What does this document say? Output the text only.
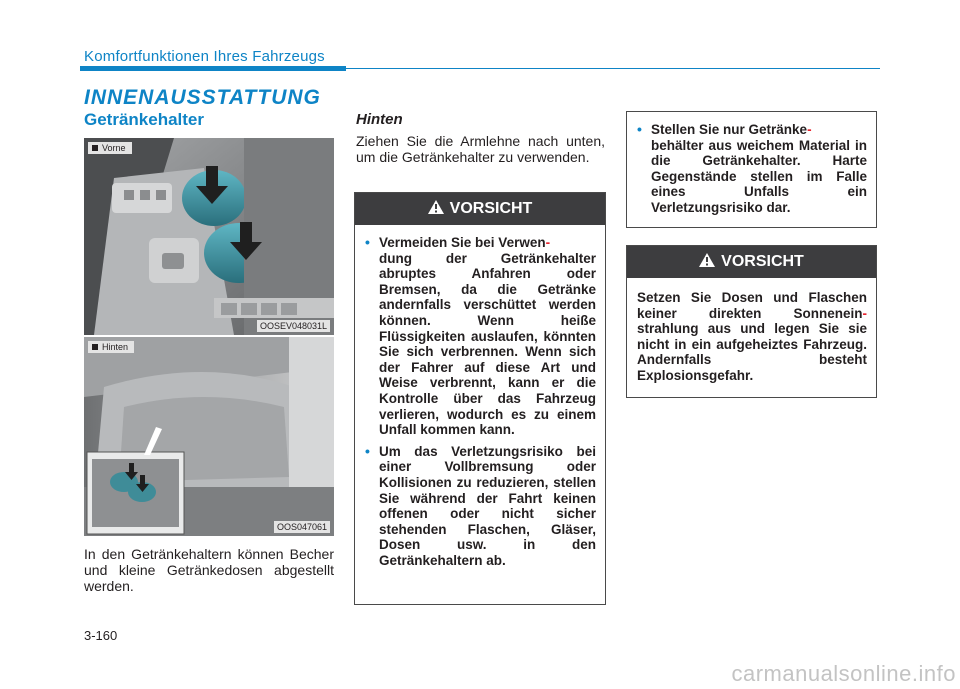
Komfortfunktionen Ihres Fahrzeugs
INNENAUSSTATTUNG
Getränkehalter
Vorne
OOSEV048031L
Hinten
OOS047061
In den Getränkehaltern können Becher und kleine Getränkedosen abgestellt werden.
Hinten
Ziehen Sie die Armlehne nach unten, um die Getränkehalter zu verwenden.
VORSICHT
• Vermeiden Sie bei Verwen-
dung der Getränkehalter abruptes Anfahren oder Bremsen, da die Getränke andernfalls verschüttet werden können. Wenn heiße Flüssigkeiten auslaufen, könnten Sie sich verbrennen. Wenn sich der Fahrer auf diese Art und Weise verbrennt, kann er die Kontrolle über das Fahrzeug verlieren, wodurch es zu einem Unfall kommen kann.
• Um das Verletzungsrisiko bei einer Vollbremsung oder Kollisionen zu reduzieren, stellen Sie während der Fahrt keinen offenen oder nicht sicher stehenden Flaschen, Gläser, Dosen usw. in den Getränkehaltern ab.
• Stellen Sie nur Getränke-
behälter aus weichem Material in die Getränkehalter. Harte Gegenstände stellen im Falle eines Unfalls ein Verletzungsrisiko dar.
VORSICHT
Setzen Sie Dosen und Flaschen keiner direkten Sonnenein- strahlung aus und legen Sie sie nicht in ein aufgeheiztes Fahrzeug. Andernfalls besteht Explosionsgefahr.
3-160
carmanualsonline.info
